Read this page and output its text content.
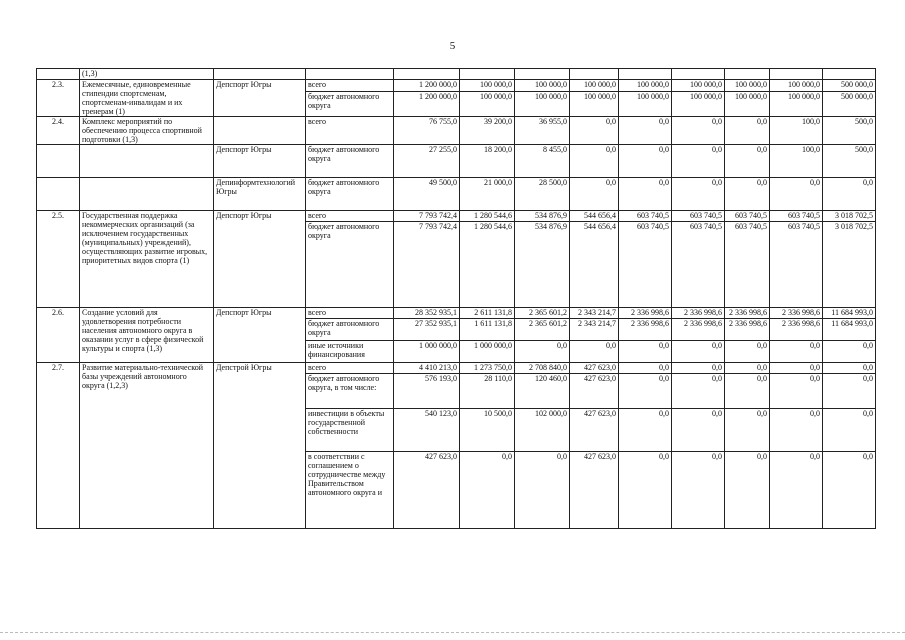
5
	(1,3)											
2.3.	Ежемесячные, единовременные стипендии спортсменам, спортсменам-инвалидам и их тренерам (1)	Депспорт Югры	всего	1 200 000,0	100 000,0	100 000,0	100 000,0	100 000,0	100 000,0	100 000,0	100 000,0	500 000,0
			бюджет автономного округа	1 200 000,0	100 000,0	100 000,0	100 000,0	100 000,0	100 000,0	100 000,0	100 000,0	500 000,0
2.4.	Комплекс мероприятий по обеспечению процесса спортивной подготовки (1,3)		всего	76 755,0	39 200,0	36 955,0	0,0	0,0	0,0	0,0	100,0	500,0
		Депспорт Югры	бюджет автономного округа	27 255,0	18 200,0	8 455,0	0,0	0,0	0,0	0,0	100,0	500,0
		Депинформтехнологий Югры	бюджет автономного округа	49 500,0	21 000,0	28 500,0	0,0	0,0	0,0	0,0	0,0	0,0
2.5.	Государственная поддержка некоммерческих организаций (за исключением государственных (муниципальных) учреждений), осуществляющих развитие игровых, приоритетных видов спорта (1)	Депспорт Югры	всего	7 793 742,4	1 280 544,6	534 876,9	544 656,4	603 740,5	603 740,5	603 740,5	603 740,5	3 018 702,5
			бюджет автономного округа	7 793 742,4	1 280 544,6	534 876,9	544 656,4	603 740,5	603 740,5	603 740,5	603 740,5	3 018 702,5
2.6.	Создание условий для удовлетворения потребности населения автономного округа в оказании услуг в сфере физической культуры и спорта (1,3)	Депспорт Югры	всего	28 352 935,1	2 611 131,8	2 365 601,2	2 343 214,7	2 336 998,6	2 336 998,6	2 336 998,6	2 336 998,6	11 684 993,0
			бюджет автономного округа	27 352 935,1	1 611 131,8	2 365 601,2	2 343 214,7	2 336 998,6	2 336 998,6	2 336 998,6	2 336 998,6	11 684 993,0
			иные источники финансирования	1 000 000,0	1 000 000,0	0,0	0,0	0,0	0,0	0,0	0,0	0,0
2.7.	Развитие материально-технической базы учреждений автономного округа (1,2,3)	Депстрой Югры	всего	4 410 213,0	1 273 750,0	2 708 840,0	427 623,0	0,0	0,0	0,0	0,0	0,0
			бюджет автономного округа, в том числе:	576 193,0	28 110,0	120 460,0	427 623,0	0,0	0,0	0,0	0,0	0,0
			инвестиции в объекты государственной собственности	540 123,0	10 500,0	102 000,0	427 623,0	0,0	0,0	0,0	0,0	0,0
			в соответствии с соглашением о сотрудничестве между Правительством автономного округа и	427 623,0	0,0	0,0	427 623,0	0,0	0,0	0,0	0,0	0,0
